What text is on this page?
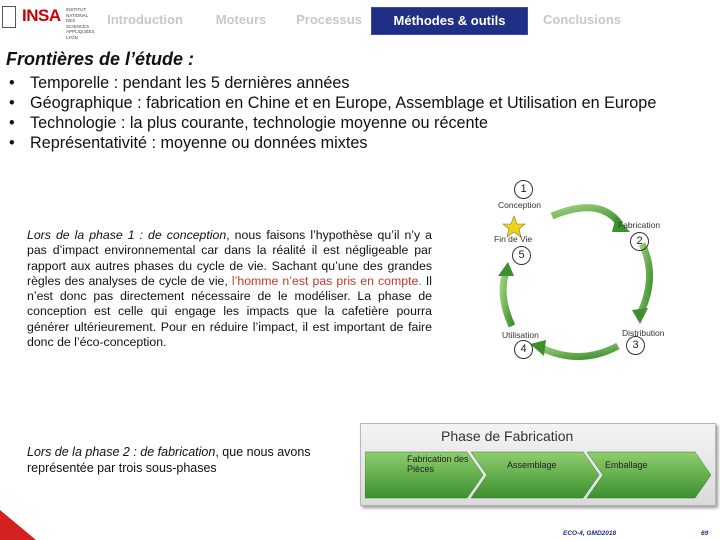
INSA INSTITUT NATIONAL DES SCIENCES APPLIQUÉES LYON
Introduction	Moteurs	Processus	Méthodes & outils	Conclusions
Frontières de l’étude :
• Temporelle : pendant les 5 dernières années
• Géographique : fabrication en Chine et en Europe, Assemblage et Utilisation en Europe
• Technologie : la plus courante, technologie moyenne ou récente
• Représentativité : moyenne ou données mixtes
Lors de la phase 1 : de conception, nous faisons l’hypothèse qu’il n’y a pas d’impact environnemental car dans la réalité il est négligeable par rapport aux autres phases du cycle de vie. Sachant qu’une des grandes règles des analyses de cycle de vie, l’homme n’est pas pris en compte. Il n’est donc pas directement nécessaire de le modéliser. La phase de conception est celle qui engage les impacts que la cafetière pourra générer ultérieurement. Pour en réduire l’impact, il est important de faire donc de l’éco-conception.
1
Conception
Fabrication
2
Distribution
3
Utilisation
4
Fin de Vie
5
Lors de la phase 2 : de fabrication, que nous avons représentée par trois sous-phases
Phase de Fabrication
Fabrication des Pièces	Assemblage	Emballage
ECO-4, GMD2018	69
